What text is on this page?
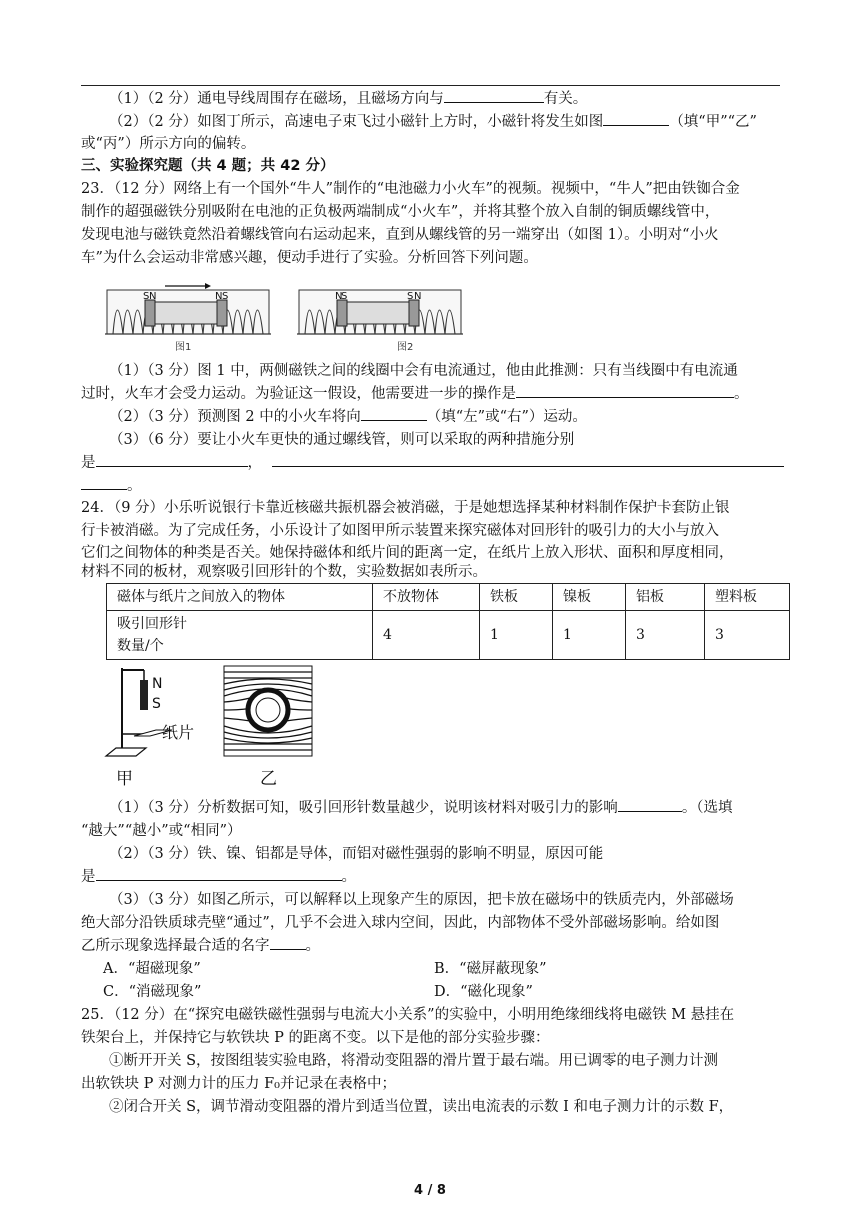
（1）（2 分）通电导线周围存在磁场，且磁场方向与	有关。
（2）（2 分）如图丁所示，高速电子束飞过小磁针上方时，小磁针将发生如图	（填“甲”“乙”
或“丙”）所示方向的偏转。
三、实验探究题（共 4 题；共 42 分）
23．（12 分）网络上有一个国外“牛人”制作的“电池磁力小火车”的视频。视频中，“牛人”把由铁铷合金
制作的超强磁铁分别吸附在电池的正负极两端制成“小火车”，并将其整个放入自制的铜质螺线管中，
发现电池与磁铁竟然沿着螺线管向右运动起来，直到从螺线管的另一端穿出（如图 1）。小明对“小火
车”为什么会运动非常感兴趣，便动手进行了实验。分析回答下列问题。
S N	N S
图1
N
S	S N
图2
（1）（3 分）图 1 中，两侧磁铁之间的线圈中会有电流通过，他由此推测：只有当线圈中有电流通
过时，火车才会受力运动。为验证这一假设，他需要进一步的操作是	。
（2）（3 分）预测图 2 中的小火车将向	（填“左”或“右”）运动。
（3）（6 分）要让小火车更快的通过螺线管，则可以采取的两种措施分别
是	，
。
24．（9 分）小乐听说银行卡靠近核磁共振机器会被消磁，于是她想选择某种材料制作保护卡套防止银
行卡被消磁。为了完成任务，小乐设计了如图甲所示装置来探究磁体对回形针的吸引力的大小与放入
它们之间物体的种类是否关。她保持磁体和纸片间的距离一定，在纸片上放入形状、面积和厚度相同，
材料不同的板材，观察吸引回形针的个数，实验数据如表所示。
磁体与纸片之间放入的物体	不放物体	铁板	镍板	铝板	塑料板

吸引回形针
数量/个	4	1	1	3	3
N
S
纸片
甲	乙
（1）（3 分）分析数据可知，吸引回形针数量越少，说明该材料对吸引力的影响	。（选填
“越大”“越小”或“相同”）
（2）（3 分）铁、镍、铝都是导体，而铝对磁性强弱的影响不明显，原因可能
是	。
（3）（3 分）如图乙所示，可以解释以上现象产生的原因，把卡放在磁场中的铁质壳内，外部磁场
绝大部分沿铁质球壳壁“通过”，几乎不会进入球内空间，因此，内部物体不受外部磁场影响。给如图
乙所示现象选择最合适的名字 。
A．“超磁现象”	B．“磁屏蔽现象”
C．“消磁现象”	D．“磁化现象”
25．（12 分）在“探究电磁铁磁性强弱与电流大小关系”的实验中，小明用绝缘细线将电磁铁 M 悬挂在
铁架台上，并保持它与软铁块 P 的距离不变。以下是他的部分实验步骤：
①断开开关 S，按图组装实验电路，将滑动变阻器的滑片置于最右端。用已调零的电子测力计测
出软铁块 P 对测力计的压力 F₀并记录在表格中；
②闭合开关 S，调节滑动变阻器的滑片到适当位置，读出电流表的示数 I 和电子测力计的示数 F，
4 / 8
